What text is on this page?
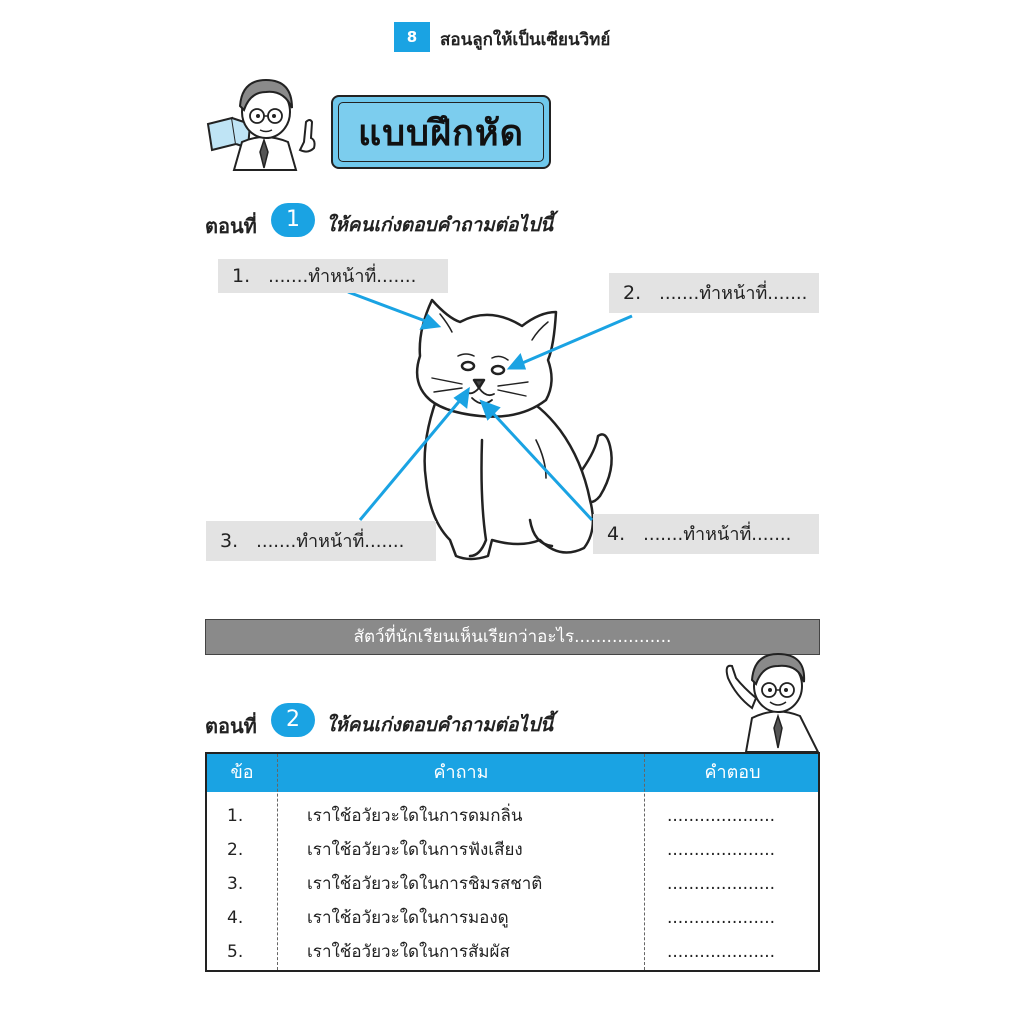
8	สอนลูกให้เป็นเซียนวิทย์
แบบฝึกหัด
ตอนที่	1	ให้คนเก่งตอบคำถามต่อไปนี้
1. .......ทำหน้าที่.......
2. .......ทำหน้าที่.......
3. .......ทำหน้าที่.......	4. .......ทำหน้าที่.......
สัตว์ที่นักเรียนเห็นเรียกว่าอะไร..................
ตอนที่	2	ให้คนเก่งตอบคำถามต่อไปนี้
ข้อ	คำถาม	คำตอบ
1.	เราใช้อวัยวะใดในการดมกลิ่น	....................
2.	เราใช้อวัยวะใดในการฟังเสียง	....................
3.	เราใช้อวัยวะใดในการชิมรสชาติ	....................
4.	เราใช้อวัยวะใดในการมองดู	....................
5.	เราใช้อวัยวะใดในการสัมผัส	....................
